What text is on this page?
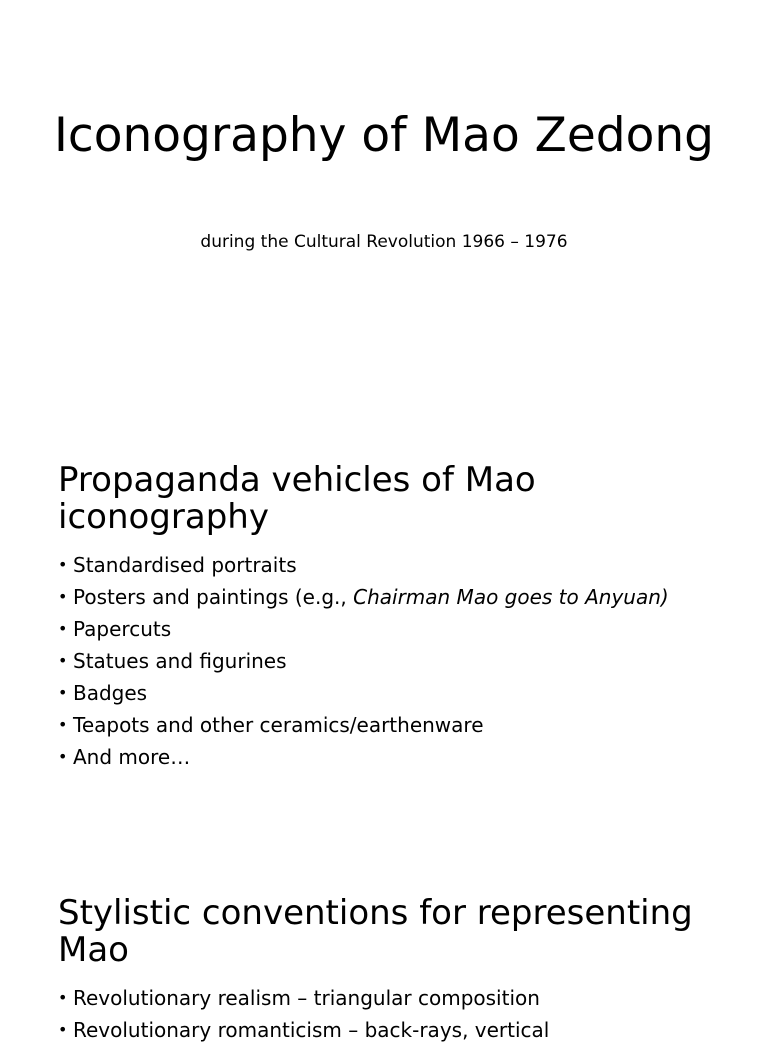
Iconography of Mao Zedong

during the Cultural Revolution 1966 – 1976

Propaganda vehicles of Mao iconography
• Standardised portraits
• Posters and paintings (e.g., Chairman Mao goes to Anyuan)
• Papercuts
• Statues and figurines
• Badges
• Teapots and other ceramics/earthenware
• And more…
Stylistic conventions for representing Mao
• Revolutionary realism – triangular composition
• Revolutionary romanticism – back-rays, vertical
